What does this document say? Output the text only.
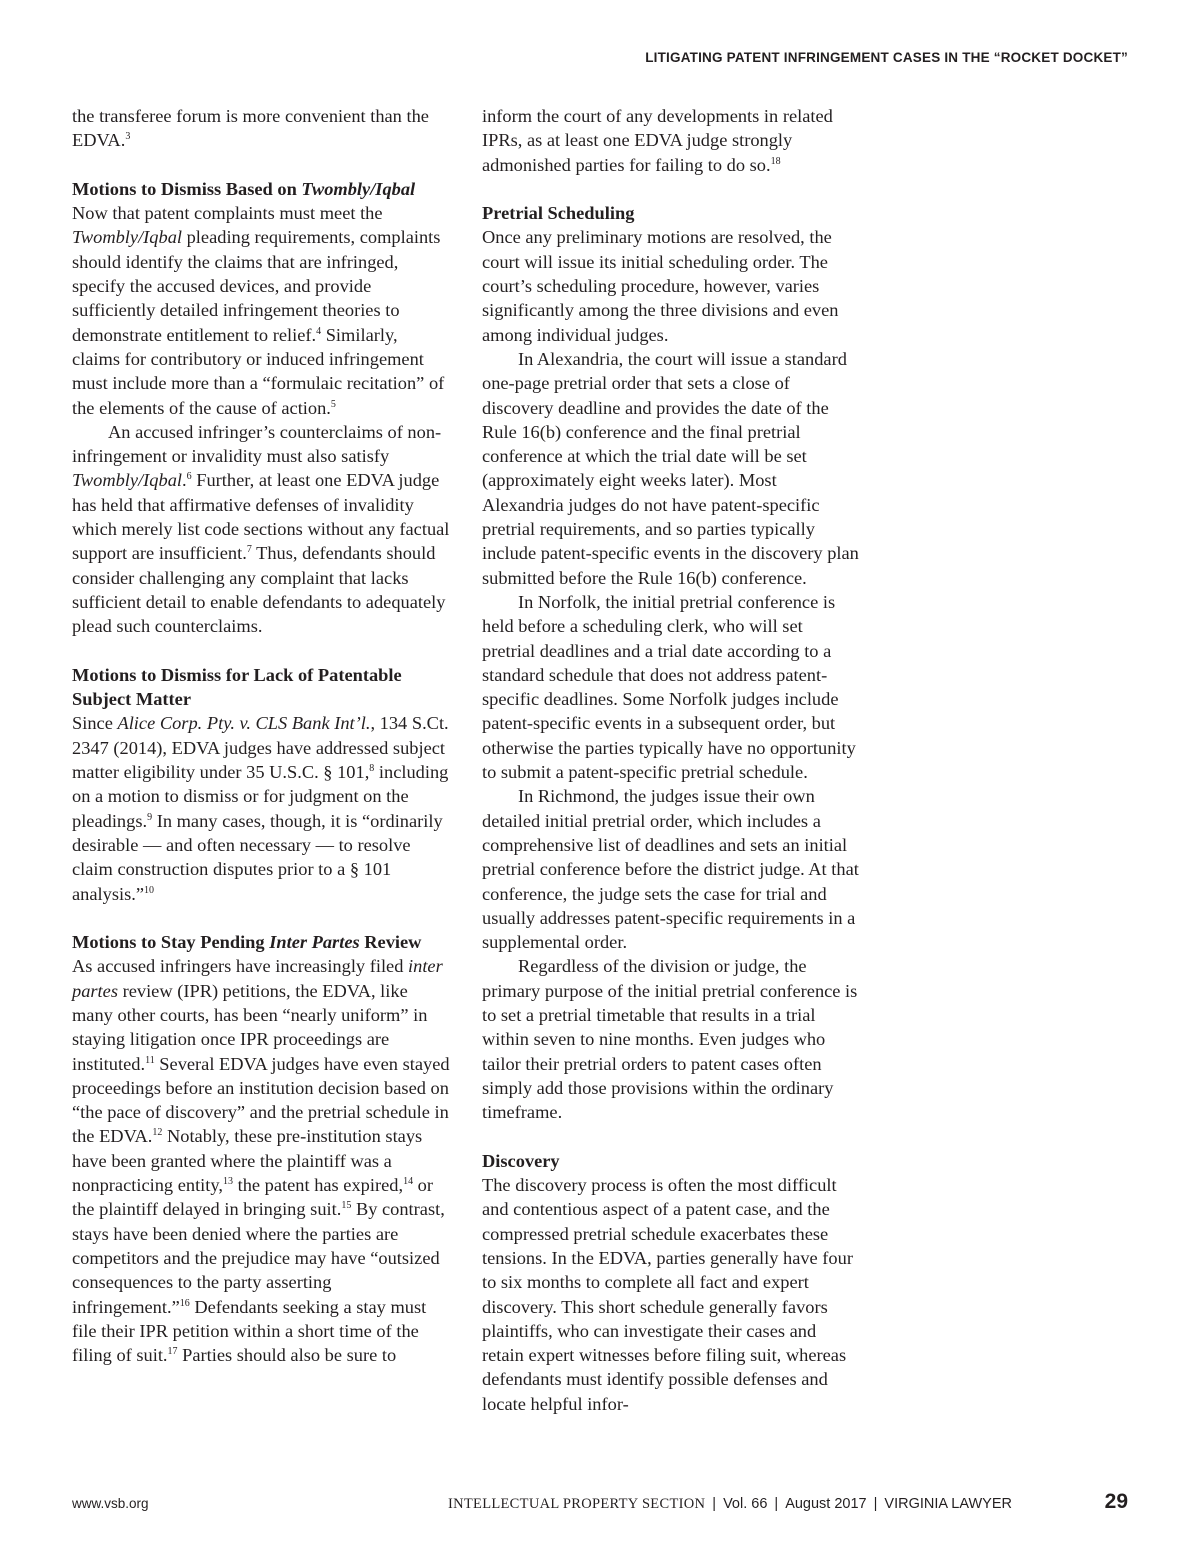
LITIGATING PATENT INFRINGEMENT CASES IN THE “ROCKET DOCKET”

the transferee forum is more convenient than the EDVA.$^3$

Motions to Dismiss Based on Twombly/Iqbal

Now that patent complaints must meet the Twombly/Iqbal pleading requirements, complaints should identify the claims that are infringed, specify the accused devices, and provide sufficiently detailed infringement theories to demonstrate entitlement to relief.$^4$ Similarly, claims for contributory or induced infringement must include more than a “formulaic recitation” of the elements of the cause of action.$^5$

An accused infringer’s counterclaims of non-infringement or invalidity must also satisfy Twombly/Iqbal.$^6$ Further, at least one EDVA judge has held that affirmative defenses of invalidity which merely list code sections without any factual support are insufficient.$^7$ Thus, defendants should consider challenging any complaint that lacks sufficient detail to enable defendants to adequately plead such counterclaims.

Motions to Dismiss for Lack of Patentable Subject Matter

Since Alice Corp. Pty. v. CLS Bank Int’l., 134 S.Ct. 2347 (2014), EDVA judges have addressed subject matter eligibility under 35 U.S.C. § 101,$^8$ including on a motion to dismiss or for judgment on the pleadings.$^9$ In many cases, though, it is “ordinarily desirable — and often necessary — to resolve claim construction disputes prior to a § 101 analysis.”$^{10}$

Motions to Stay Pending Inter Partes Review

As accused infringers have increasingly filed inter partes review (IPR) petitions, the EDVA, like many other courts, has been “nearly uniform” in staying litigation once IPR proceedings are instituted.$^{11}$ Several EDVA judges have even stayed proceedings before an institution decision based on “the pace of discovery” and the pretrial schedule in the EDVA.$^{12}$ Notably, these pre-institution stays have been granted where the plaintiff was a nonpracticing entity,$^{13}$ the patent has expired,$^{14}$ or the plaintiff delayed in bringing suit.$^{15}$ By contrast, stays have been denied where the parties are competitors and the prejudice may have “outsized consequences to the party asserting infringement.”$^{16}$ Defendants seeking a stay must file their IPR petition within a short time of the filing of suit.$^{17}$ Parties should also be sure to

inform the court of any developments in related IPRs, as at least one EDVA judge strongly admonished parties for failing to do so.$^{18}$

Pretrial Scheduling

Once any preliminary motions are resolved, the court will issue its initial scheduling order. The court’s scheduling procedure, however, varies significantly among the three divisions and even among individual judges.

In Alexandria, the court will issue a standard one-page pretrial order that sets a close of discovery deadline and provides the date of the Rule 16(b) conference and the final pretrial conference at which the trial date will be set (approximately eight weeks later). Most Alexandria judges do not have patent-specific pretrial requirements, and so parties typically include patent-specific events in the discovery plan submitted before the Rule 16(b) conference.

In Norfolk, the initial pretrial conference is held before a scheduling clerk, who will set pretrial deadlines and a trial date according to a standard schedule that does not address patent-specific deadlines. Some Norfolk judges include patent-specific events in a subsequent order, but otherwise the parties typically have no opportunity to submit a patent-specific pretrial schedule.

In Richmond, the judges issue their own detailed initial pretrial order, which includes a comprehensive list of deadlines and sets an initial pretrial conference before the district judge. At that conference, the judge sets the case for trial and usually addresses patent-specific requirements in a supplemental order.

Regardless of the division or judge, the primary purpose of the initial pretrial conference is to set a pretrial timetable that results in a trial within seven to nine months. Even judges who tailor their pretrial orders to patent cases often simply add those provisions within the ordinary timeframe.

Discovery

The discovery process is often the most difficult and contentious aspect of a patent case, and the compressed pretrial schedule exacerbates these tensions. In the EDVA, parties generally have four to six months to complete all fact and expert discovery. This short schedule generally favors plaintiffs, who can investigate their cases and retain expert witnesses before filing suit, whereas defendants must identify possible defenses and locate helpful infor-

www.vsb.org	INTELLECTUAL PROPERTY SECTION | Vol. 66 | August 2017 | VIRGINIA LAWYER	29
